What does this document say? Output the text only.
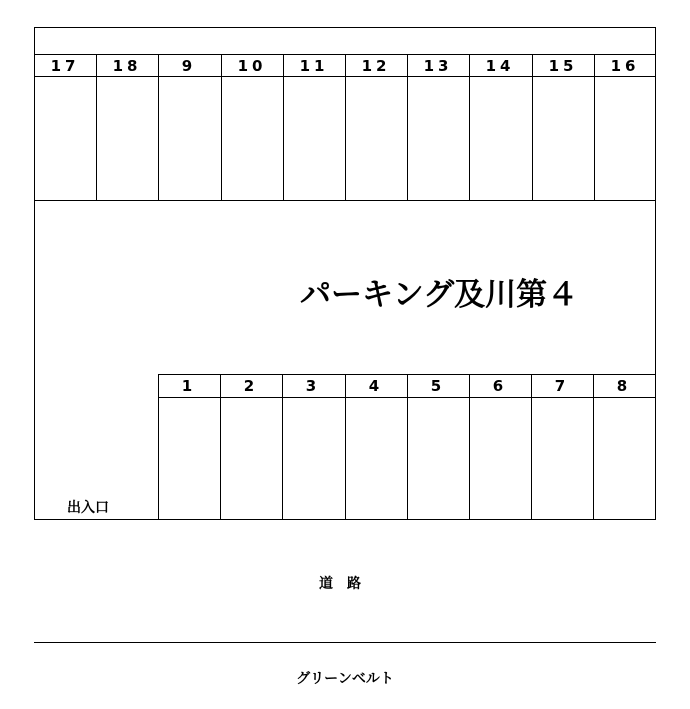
17	18	9	10	11	12	13	14	15	16
1	2	3	4	5	6	7	8
パーキング及川第４
出入口
道　路
グリーンベルト
